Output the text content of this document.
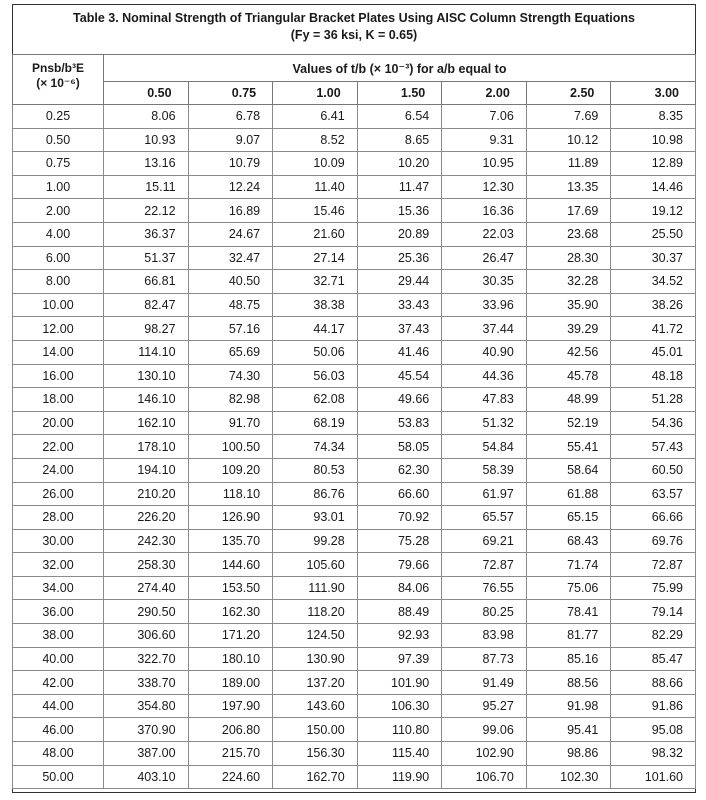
Table 3. Nominal Strength of Triangular Bracket Plates Using AISC Column Strength Equations
(Fy = 36 ksi, K = 0.65)
Pnsb/b³E
(× 10⁻⁶)	Values of t/b (× 10⁻³) for a/b equal to						
	0.50	0.75	1.00	1.50	2.00	2.50	3.00
0.25	8.06	6.78	6.41	6.54	7.06	7.69	8.35
0.50	10.93	9.07	8.52	8.65	9.31	10.12	10.98
0.75	13.16	10.79	10.09	10.20	10.95	11.89	12.89
1.00	15.11	12.24	11.40	11.47	12.30	13.35	14.46
2.00	22.12	16.89	15.46	15.36	16.36	17.69	19.12
4.00	36.37	24.67	21.60	20.89	22.03	23.68	25.50
6.00	51.37	32.47	27.14	25.36	26.47	28.30	30.37
8.00	66.81	40.50	32.71	29.44	30.35	32.28	34.52
10.00	82.47	48.75	38.38	33.43	33.96	35.90	38.26
12.00	98.27	57.16	44.17	37.43	37.44	39.29	41.72
14.00	114.10	65.69	50.06	41.46	40.90	42.56	45.01
16.00	130.10	74.30	56.03	45.54	44.36	45.78	48.18
18.00	146.10	82.98	62.08	49.66	47.83	48.99	51.28
20.00	162.10	91.70	68.19	53.83	51.32	52.19	54.36
22.00	178.10	100.50	74.34	58.05	54.84	55.41	57.43
24.00	194.10	109.20	80.53	62.30	58.39	58.64	60.50
26.00	210.20	118.10	86.76	66.60	61.97	61.88	63.57
28.00	226.20	126.90	93.01	70.92	65.57	65.15	66.66
30.00	242.30	135.70	99.28	75.28	69.21	68.43	69.76
32.00	258.30	144.60	105.60	79.66	72.87	71.74	72.87
34.00	274.40	153.50	111.90	84.06	76.55	75.06	75.99
36.00	290.50	162.30	118.20	88.49	80.25	78.41	79.14
38.00	306.60	171.20	124.50	92.93	83.98	81.77	82.29
40.00	322.70	180.10	130.90	97.39	87.73	85.16	85.47
42.00	338.70	189.00	137.20	101.90	91.49	88.56	88.66
44.00	354.80	197.90	143.60	106.30	95.27	91.98	91.86
46.00	370.90	206.80	150.00	110.80	99.06	95.41	95.08
48.00	387.00	215.70	156.30	115.40	102.90	98.86	98.32
50.00	403.10	224.60	162.70	119.90	106.70	102.30	101.60
